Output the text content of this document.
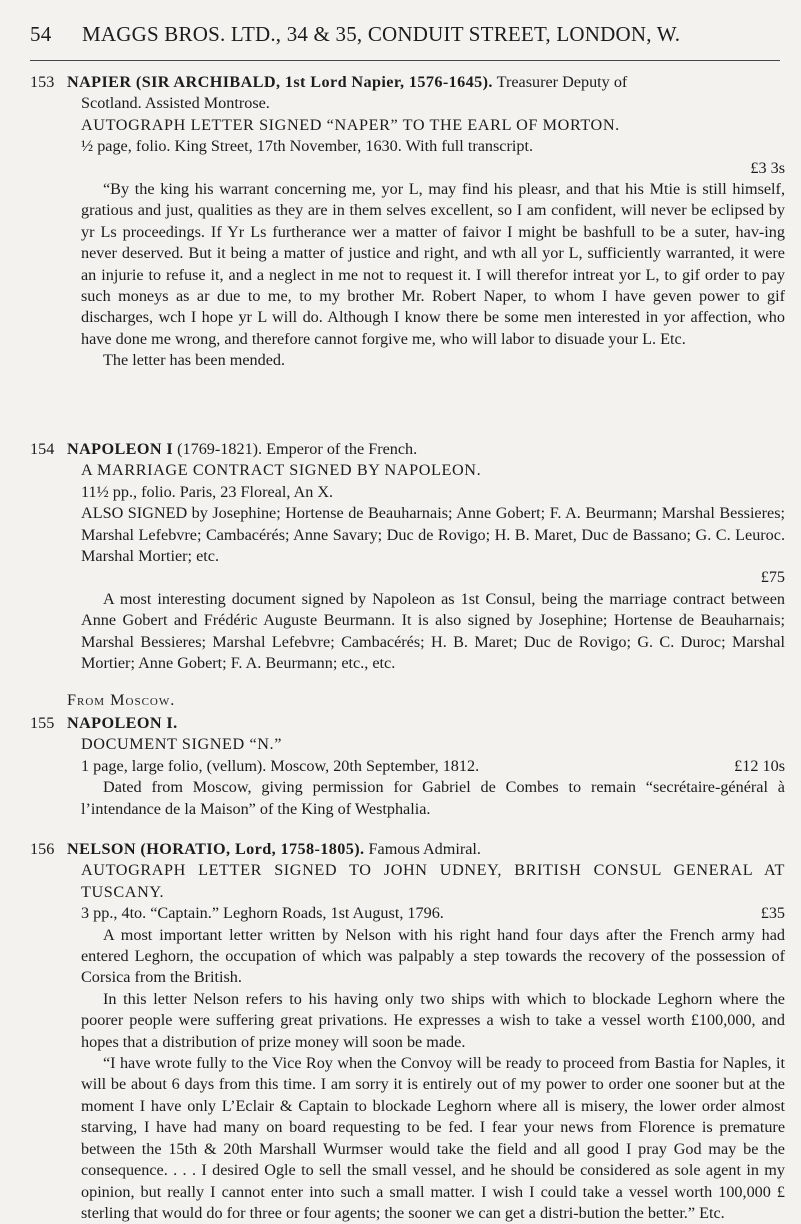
54 MAGGS BROS. LTD., 34 & 35, CONDUIT STREET, LONDON, W.
153 NAPIER (SIR ARCHIBALD, 1st Lord Napier, 1576-1645). Treasurer Deputy of

Scotland. Assisted Montrose.

AUTOGRAPH LETTER SIGNED “NAPER” TO THE EARL OF MORTON.

½ page, folio. King Street, 17th November, 1630. With full transcript.

£3 3s

“By the king his warrant concerning me, yor L, may find his pleasr, and that his Mtie is still himself, gratious and just, qualities as they are in them selves excellent, so I am confident, will never be eclipsed by yr Ls proceedings. If Yr Ls furtherance wer a matter of faivor I might be bashfull to be a suter, hav-ing never deserved. But it being a matter of justice and right, and wth all yor L, sufficiently warranted, it were an injurie to refuse it, and a neglect in me not to request it. I will therefor intreat yor L, to gif order to pay such moneys as ar due to me, to my brother Mr. Robert Naper, to whom I have geven power to gif discharges, wch I hope yr L will do. Although I know there be some men interested in yor affection, who have done me wrong, and therefore cannot forgive me, who will labor to disuade your L. Etc.

The letter has been mended.

154 NAPOLEON I (1769-1821). Emperor of the French.

A MARRIAGE CONTRACT SIGNED BY NAPOLEON.

11½ pp., folio. Paris, 23 Floreal, An X.

ALSO SIGNED by Josephine; Hortense de Beauharnais; Anne Gobert; F. A. Beurmann; Marshal Bessieres; Marshal Lefebvre; Cambacérés; Anne Savary; Duc de Rovigo; H. B. Maret, Duc de Bassano; G. C. Leuroc. Marshal Mortier; etc.

£75

A most interesting document signed by Napoleon as 1st Consul, being the marriage contract between Anne Gobert and Frédéric Auguste Beurmann. It is also signed by Josephine; Hortense de Beauharnais; Marshal Bessieres; Marshal Lefebvre; Cambacérés; H. B. Maret; Duc de Rovigo; G. C. Duroc; Marshal Mortier; Anne Gobert; F. A. Beurmann; etc., etc.

From Moscow.

155 NAPOLEON I.

DOCUMENT SIGNED “N.”

1 page, large folio, (vellum). Moscow, 20th September, 1812.	£12 10s

Dated from Moscow, giving permission for Gabriel de Combes to remain “secrétaire-général à l’intendance de la Maison” of the King of Westphalia.

156 NELSON (HORATIO, Lord, 1758-1805). Famous Admiral.

AUTOGRAPH LETTER SIGNED TO JOHN UDNEY, BRITISH CONSUL GENERAL AT TUSCANY.

3 pp., 4to. “Captain.” Leghorn Roads, 1st August, 1796.	£35

A most important letter written by Nelson with his right hand four days after the French army had entered Leghorn, the occupation of which was palpably a step towards the recovery of the possession of Corsica from the British.

In this letter Nelson refers to his having only two ships with which to blockade Leghorn where the poorer people were suffering great privations. He expresses a wish to take a vessel worth £100,000, and hopes that a distribution of prize money will soon be made.

“I have wrote fully to the Vice Roy when the Convoy will be ready to proceed from Bastia for Naples, it will be about 6 days from this time. I am sorry it is entirely out of my power to order one sooner but at the moment I have only L’Eclair & Captain to blockade Leghorn where all is misery, the lower order almost starving, I have had many on board requesting to be fed. I fear your news from Florence is premature between the 15th & 20th Marshall Wurmser would take the field and all good I pray God may be the consequence. . . . I desired Ogle to sell the small vessel, and he should be considered as sole agent in my opinion, but really I cannot enter into such a small matter. I wish I could take a vessel worth 100,000 £ sterling that would do for three or four agents; the sooner we can get a distri-bution the better.” Etc.
